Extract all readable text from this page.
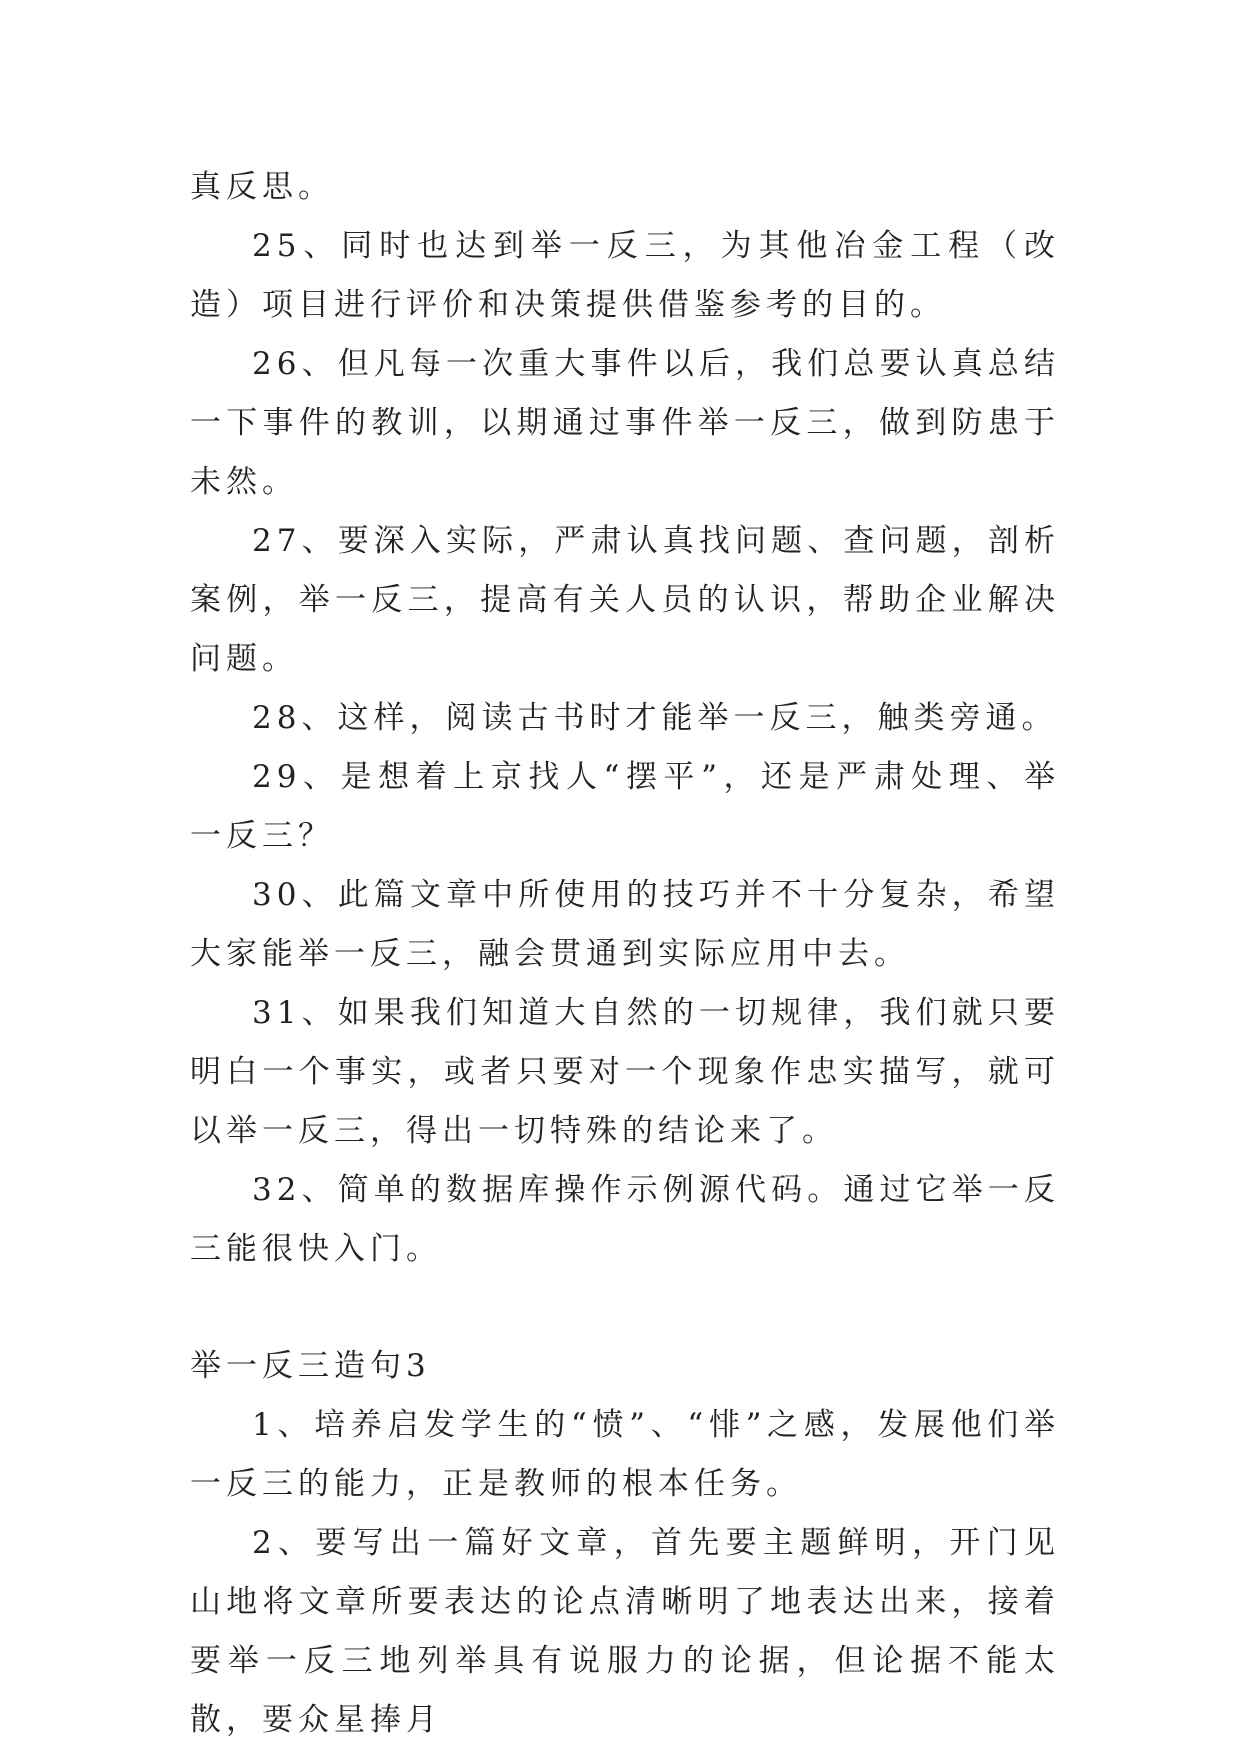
真反思。

25、同时也达到举一反三，为其他冶金工程（改造）项目进行评价和决策提供借鉴参考的目的。

26、但凡每一次重大事件以后，我们总要认真总结一下事件的教训，以期通过事件举一反三，做到防患于未然。

27、要深入实际，严肃认真找问题、查问题，剖析案例，举一反三，提高有关人员的认识，帮助企业解决问题。

28、这样，阅读古书时才能举一反三，触类旁通。

29、是想着上京找人“摆平”，还是严肃处理、举一反三？

30、此篇文章中所使用的技巧并不十分复杂，希望大家能举一反三，融会贯通到实际应用中去。

31、如果我们知道大自然的一切规律，我们就只要明白一个事实，或者只要对一个现象作忠实描写，就可以举一反三，得出一切特殊的结论来了。

32、简单的数据库操作示例源代码。通过它举一反三能很快入门。

举一反三造句3

1、培养启发学生的“愤”、“悱”之感，发展他们举一反三的能力，正是教师的根本任务。

2、要写出一篇好文章，首先要主题鲜明，开门见山地将文章所要表达的论点清晰明了地表达出来，接着要举一反三地列举具有说服力的论据，但论据不能太散，要众星捧月
